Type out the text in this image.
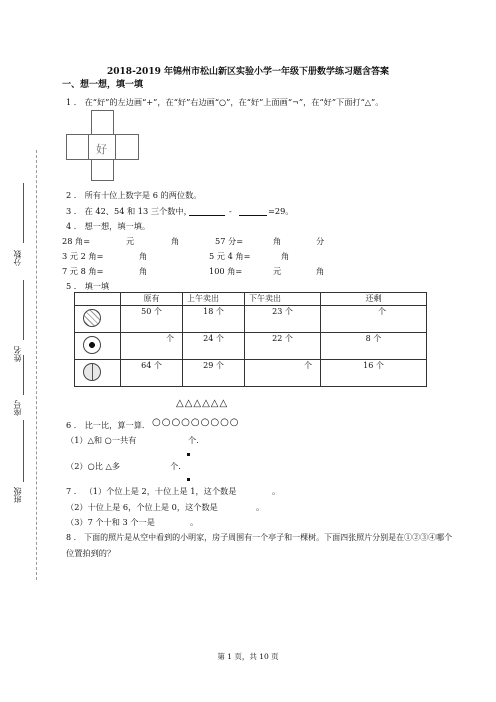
2018-2019 年锦州市松山新区实验小学一年级下册数学练习题含答案
一、想一想，填一填
1 ． 在“好”的左边画“+”，在“好”右边画“○”，在“好”上面画“¬”，在“好”下面打“△”。
好
2 ． 所有十位上数字是 6 的两位数。
3 ． 在 42、54 和 13 三个数中，	-	=29。
4 ． 想一想，填一填。
28 角=	元	角	57 分=	角	分
3 元 2 角=	角	5 元 4 角=	角
7 元 8 角=	角	100 角=	元	角
5 ． 填一填
	原有	上午卖出	下午卖出	还剩

	50 个	18 个	23 个	个

	个	24 个	22 个	8 个

	64 个	29 个	个	16 个
△△△△△△
6 ． 比一比，算一算． ○○○○○○○○○
（1）△和 ○一共有	个．
（2）○比 △多	个．
7 ． （1）个位上是 2，十位上是 1，这个数是	。
（2）十位上是 6，个位上是 0，这个数是	。
（3）7 个十和 3 个一是	。
8 ． 下面的照片是从空中看到的小明家，房子周围有一个亭子和一棵树。下面四张照片分别是在①②③④哪个
位置拍到的？
分数
姓名
座号
班级
第 1 页，共 10 页
